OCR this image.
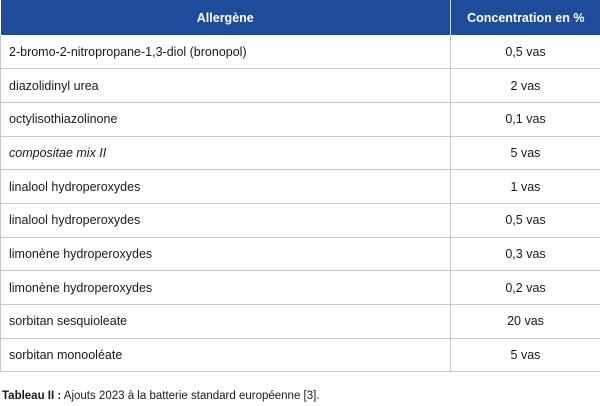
Allergène	Concentration en %
2-bromo-2-nitropropane-1,3-diol (bronopol)	0,5 vas
diazolidinyl urea	2 vas
octylisothiazolinone	0,1 vas
compositae mix II	5 vas
linalool hydroperoxydes	1 vas
linalool hydroperoxydes	0,5 vas
limonène hydroperoxydes	0,3 vas
limonène hydroperoxydes	0,2 vas
sorbitan sesquioleate	20 vas
sorbitan monooléate	5 vas
Tableau II : Ajouts 2023 à la batterie standard européenne [3].
